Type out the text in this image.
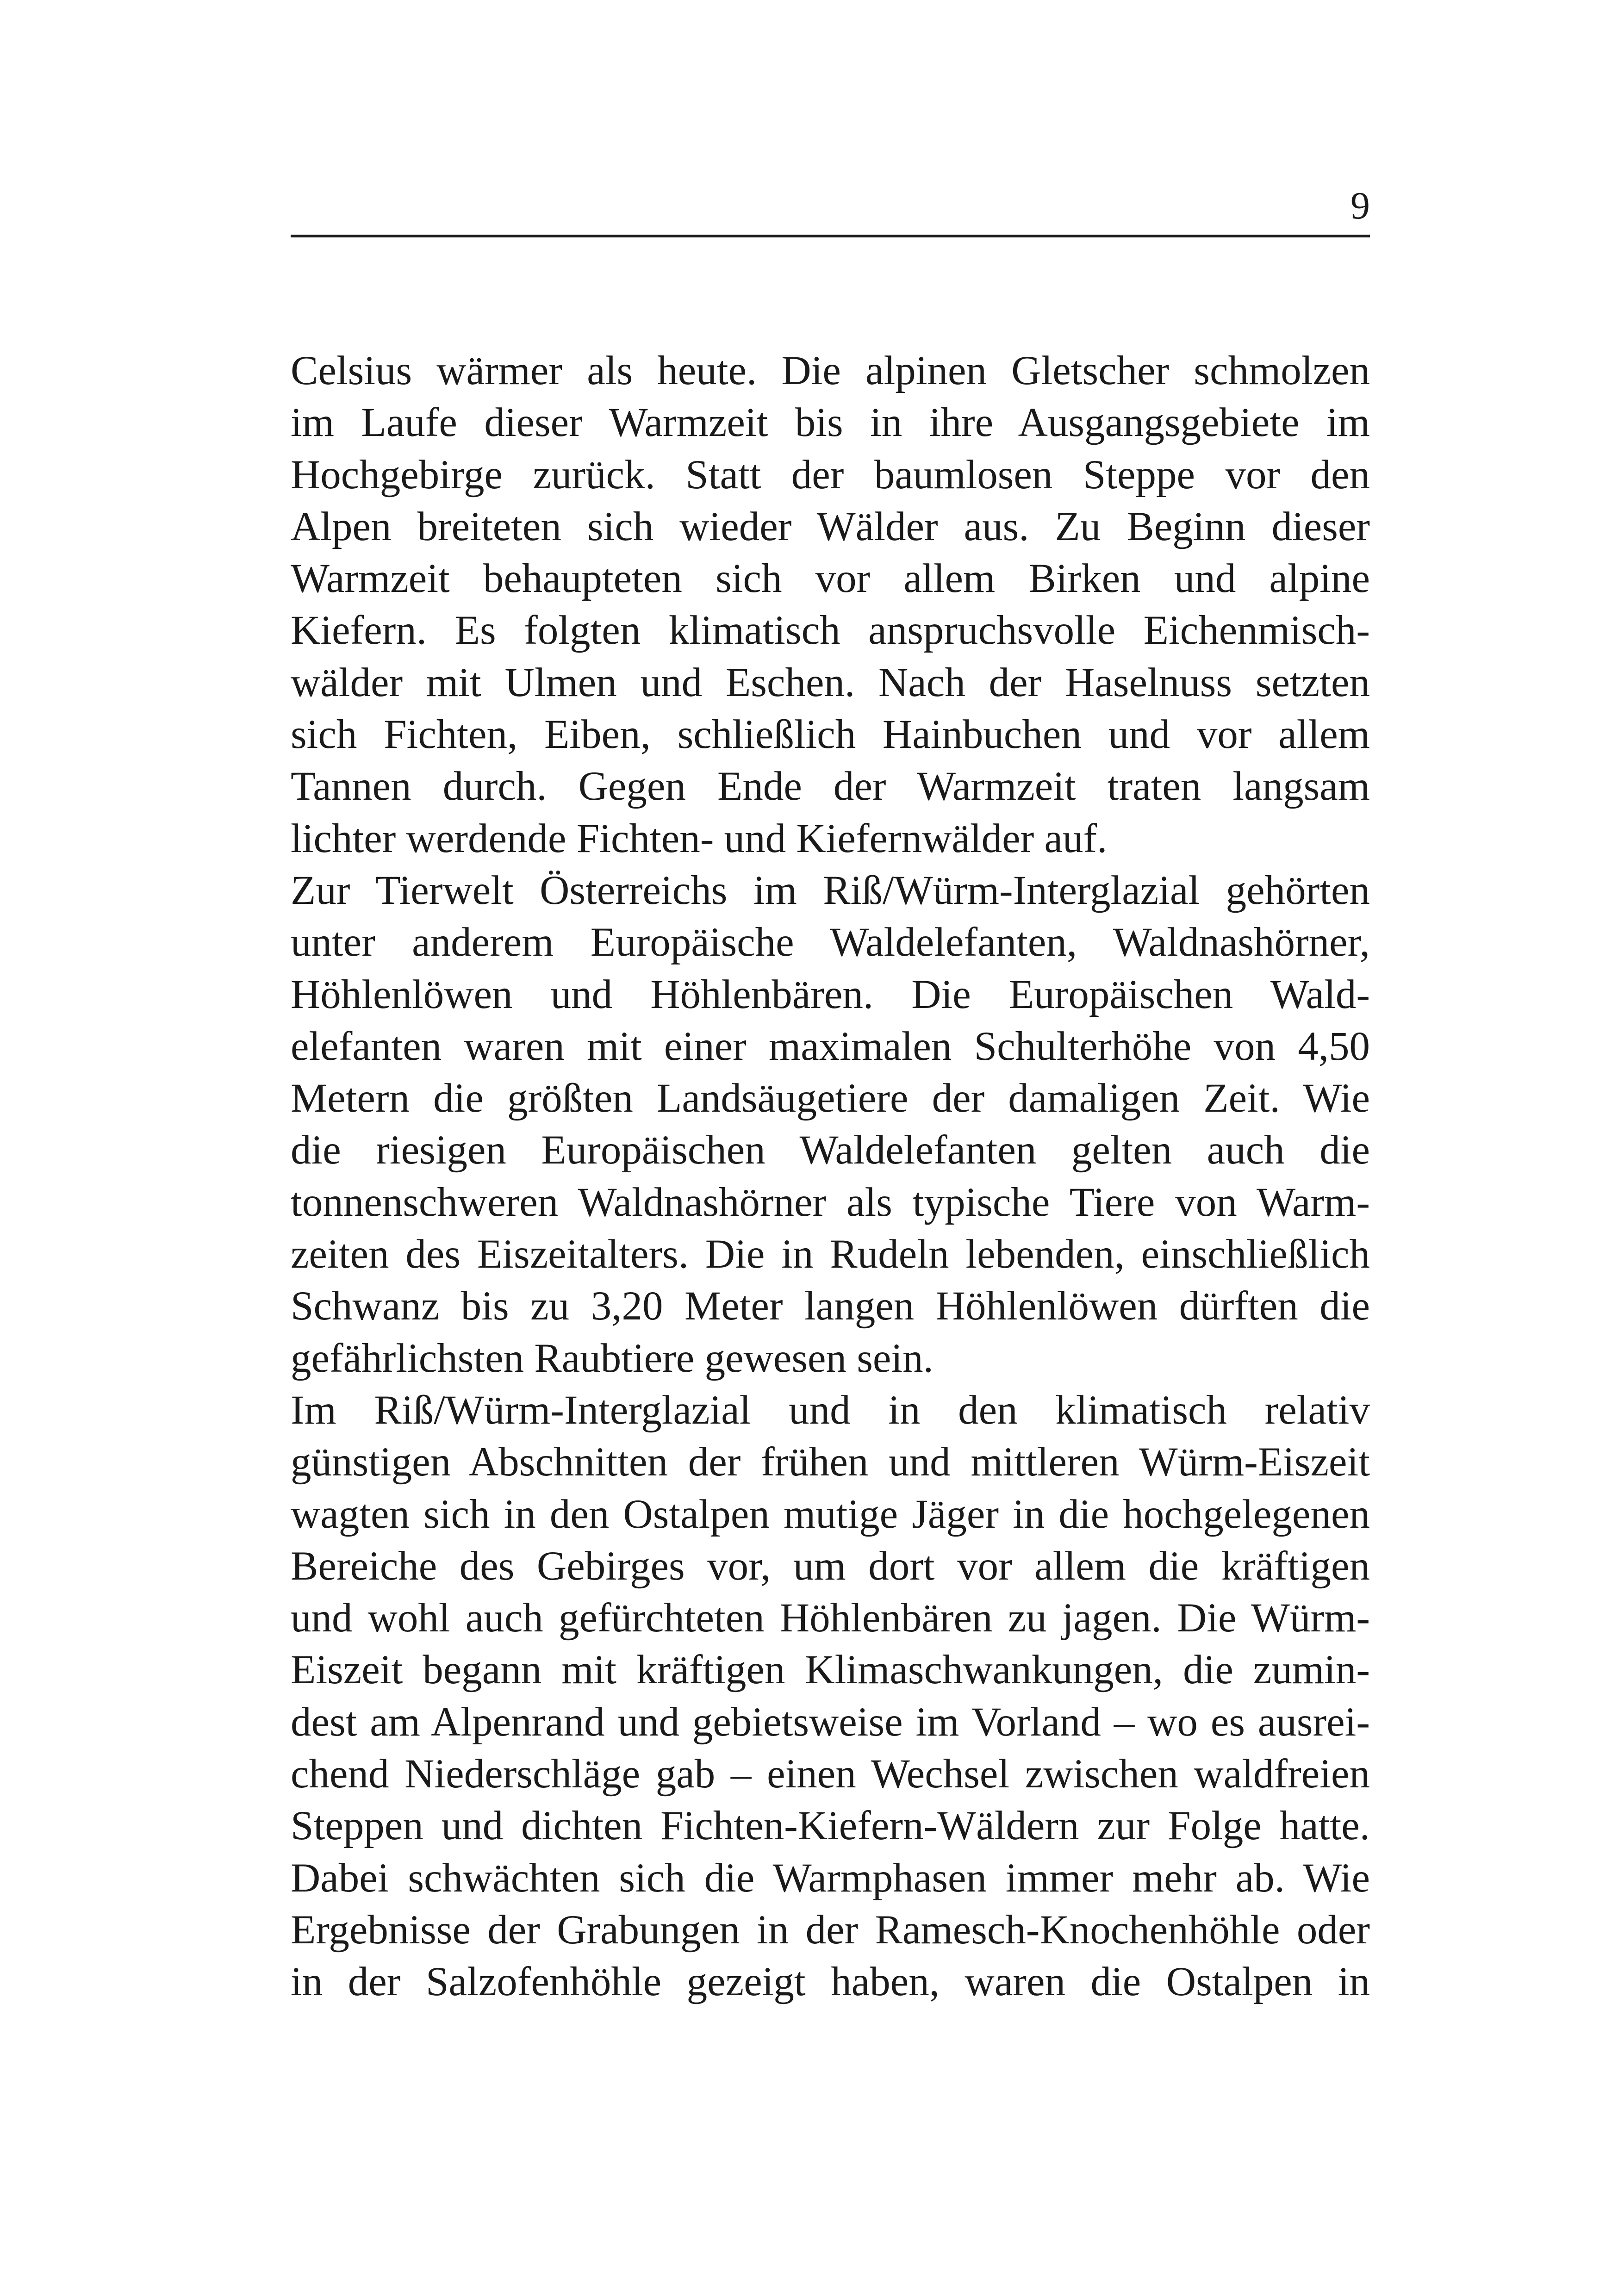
9
Celsius wärmer als heute. Die alpinen Gletscher schmolzen
im Laufe dieser Warmzeit bis in ihre Ausgangsgebiete im
Hochgebirge zurück. Statt der baumlosen Steppe vor den
Alpen breiteten sich wieder Wälder aus. Zu Beginn dieser
Warmzeit behaupteten sich vor allem Birken und alpine
Kiefern. Es folgten klimatisch anspruchsvolle Eichenmisch-
wälder mit Ulmen und Eschen. Nach der Haselnuss setzten
sich Fichten, Eiben, schließlich Hainbuchen und vor allem
Tannen durch. Gegen Ende der Warmzeit traten langsam
lichter werdende Fichten- und Kiefernwälder auf.
Zur Tierwelt Österreichs im Riß/Würm-Interglazial gehörten
unter anderem Europäische Waldelefanten, Waldnashörner,
Höhlenlöwen und Höhlenbären. Die Europäischen Wald-
elefanten waren mit einer maximalen Schulterhöhe von 4,50
Metern die größten Landsäugetiere der damaligen Zeit. Wie
die riesigen Europäischen Waldelefanten gelten auch die
tonnenschweren Waldnashörner als typische Tiere von Warm-
zeiten des Eiszeitalters. Die in Rudeln lebenden, einschließlich
Schwanz bis zu 3,20 Meter langen Höhlenlöwen dürften die
gefährlichsten Raubtiere gewesen sein.
Im Riß/Würm-Interglazial und in den klimatisch relativ
günstigen Abschnitten der frühen und mittleren Würm-Eiszeit
wagten sich in den Ostalpen mutige Jäger in die hochgelegenen
Bereiche des Gebirges vor, um dort vor allem die kräftigen
und wohl auch gefürchteten Höhlenbären zu jagen. Die Würm-
Eiszeit begann mit kräftigen Klimaschwankungen, die zumin-
dest am Alpenrand und gebietsweise im Vorland – wo es ausrei-
chend Niederschläge gab – einen Wechsel zwischen waldfreien
Steppen und dichten Fichten-Kiefern-Wäldern zur Folge hatte.
Dabei schwächten sich die Warmphasen immer mehr ab. Wie
Ergebnisse der Grabungen in der Ramesch-Knochenhöhle oder
in der Salzofenhöhle gezeigt haben, waren die Ostalpen in
